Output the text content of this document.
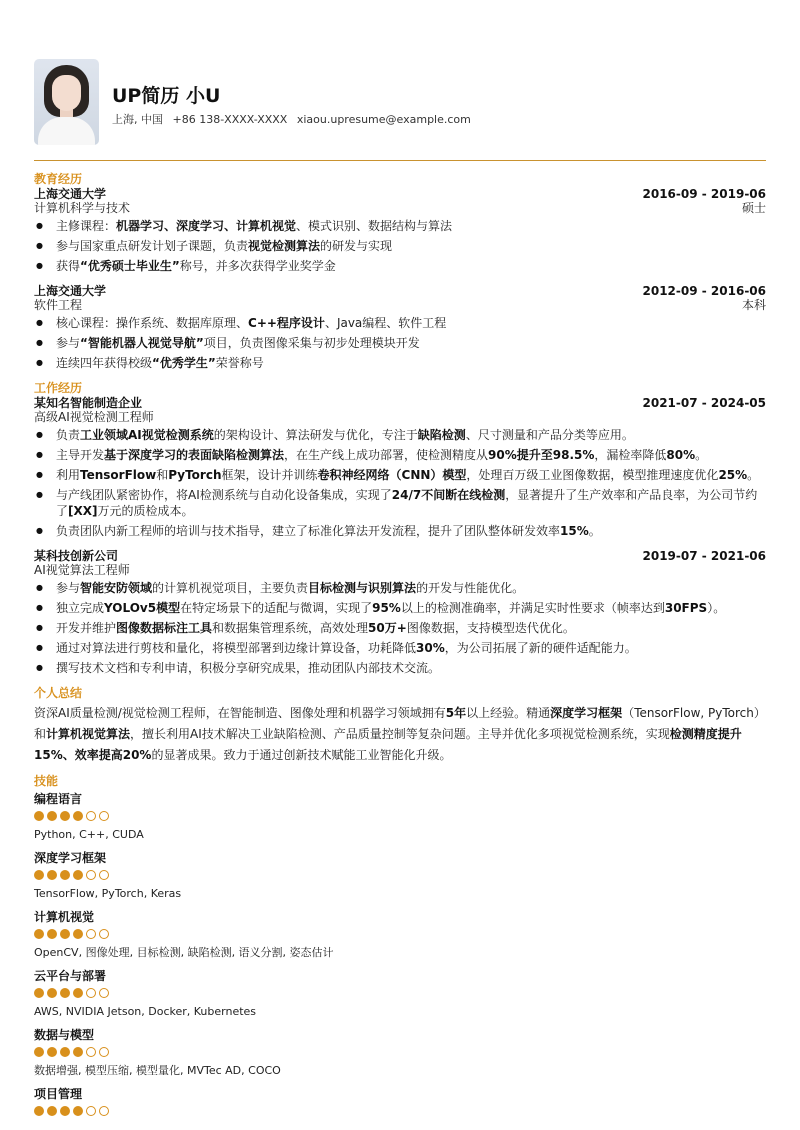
UP简历 小U
上海, 中国 +86 138-XXXX-XXXX xiaou.upresume@example.com
教育经历
上海交通大学	2016-09 - 2019-06
计算机科学与技术	硕士
● 主修课程：机器学习、深度学习、计算机视觉、模式识别、数据结构与算法
● 参与国家重点研发计划子课题，负责视觉检测算法的研发与实现
● 获得“优秀硕士毕业生”称号，并多次获得学业奖学金
上海交通大学	2012-09 - 2016-06
软件工程	本科
● 核心课程：操作系统、数据库原理、C++程序设计、Java编程、软件工程
● 参与“智能机器人视觉导航”项目，负责图像采集与初步处理模块开发
● 连续四年获得校级“优秀学生”荣誉称号
工作经历
某知名智能制造企业	2021-07 - 2024-05
高级AI视觉检测工程师
● 负责工业领域AI视觉检测系统的架构设计、算法研发与优化，专注于缺陷检测、尺寸测量和产品分类等应用。
● 主导开发基于深度学习的表面缺陷检测算法，在生产线上成功部署，使检测精度从90%提升至98.5%，漏检率降低80%。
● 利用TensorFlow和PyTorch框架，设计并训练卷积神经网络（CNN）模型，处理百万级工业图像数据，模型推理速度优化25%。
● 与产线团队紧密协作，将AI检测系统与自动化设备集成，实现了24/7不间断在线检测，显著提升了生产效率和产品良率，为公司节约了[XX]万元的质检成本。
● 负责团队内新工程师的培训与技术指导，建立了标准化算法开发流程，提升了团队整体研发效率15%。
某科技创新公司	2019-07 - 2021-06
AI视觉算法工程师
● 参与智能安防领域的计算机视觉项目，主要负责目标检测与识别算法的开发与性能优化。
● 独立完成YOLOv5模型在特定场景下的适配与微调，实现了95%以上的检测准确率，并满足实时性要求（帧率达到30FPS）。
● 开发并维护图像数据标注工具和数据集管理系统，高效处理50万+图像数据，支持模型迭代优化。
● 通过对算法进行剪枝和量化，将模型部署到边缘计算设备，功耗降低30%，为公司拓展了新的硬件适配能力。
● 撰写技术文档和专利申请，积极分享研究成果，推动团队内部技术交流。
个人总结
资深AI质量检测/视觉检测工程师，在智能制造、图像处理和机器学习领域拥有5年以上经验。精通深度学习框架（TensorFlow, PyTorch）和计算机视觉算法，擅长利用AI技术解决工业缺陷检测、产品质量控制等复杂问题。主导并优化多项视觉检测系统，实现检测精度提升15%、效率提高20%的显著成果。致力于通过创新技术赋能工业智能化升级。
技能
编程语言
Python, C++, CUDA
深度学习框架
TensorFlow, PyTorch, Keras
计算机视觉
OpenCV, 图像处理, 目标检测, 缺陷检测, 语义分割, 姿态估计
云平台与部署
AWS, NVIDIA Jetson, Docker, Kubernetes
数据与模型
数据增强, 模型压缩, 模型量化, MVTec AD, COCO
项目管理
